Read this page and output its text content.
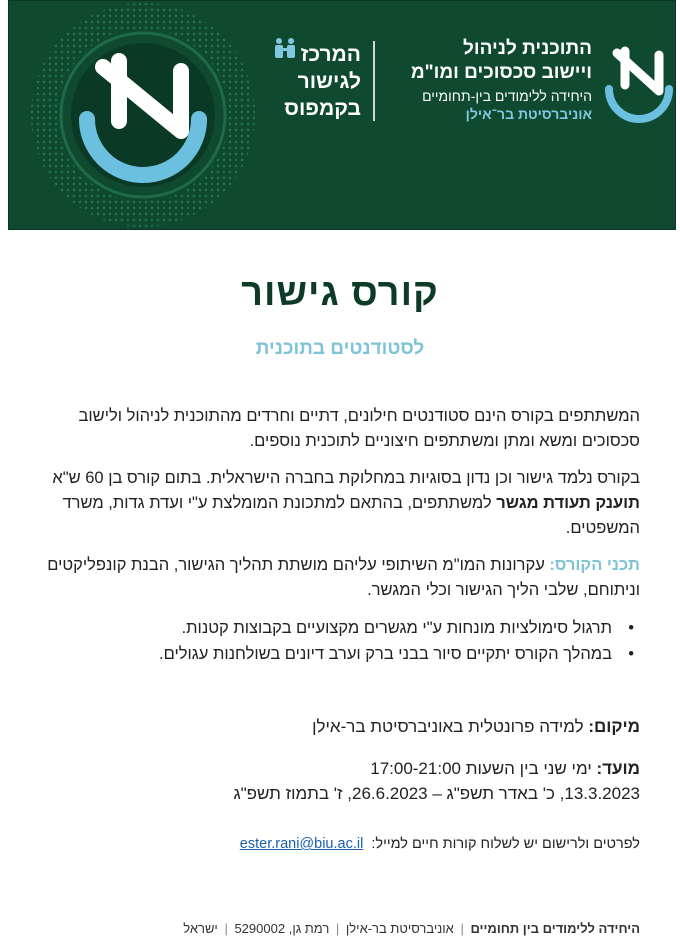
המרכז
לגישור
בקמפוס
התוכנית לניהול
ויישוב סכסוכים ומו"מ
היחידה ללימודים בין-תחומיים
אוניברסיטת בר־אילן
קורס גישור
לסטודנטים בתוכנית

המשתתפים בקורס הינם סטודנטים חילונים, דתיים וחרדים מהתוכנית לניהול ולישוב סכסוכים ומשא ומתן ומשתתפים חיצוניים לתוכנית נוספים.

בקורס נלמד גישור וכן נדון בסוגיות במחלוקת בחברה הישראלית. בתום קורס בן 60 ש"א תוענק תעודת מגשר למשתתפים, בהתאם למתכונת המומלצת ע"י ועדת גדות, משרד המשפטים.

תכני הקורס: עקרונות המו"מ השיתופי עליהם מושתת תהליך הגישור, הבנת קונפליקטים וניתוחם, שלבי הליך הגישור וכלי המגשר.

• תרגול סימולציות מונחות ע"י מגשרים מקצועיים בקבוצות קטנות.
• במהלך הקורס יתקיים סיור בבני ברק וערב דיונים בשולחנות עגולים.
מיקום: למידה פרונטלית באוניברסיטת בר-אילן
מועד: ימי שני בין השעות 17:00-21:00
13.3.2023, כ' באדר תשפ"ג – 26.6.2023, ז' בתמוז תשפ"ג
לפרטים ולרישום יש לשלוח קורות חיים למייל:  ester.rani@biu.ac.il
היחידה ללימודים בין תחומיים | אוניברסיטת בר-אילן | רמת גן, 5290002 | ישראל
